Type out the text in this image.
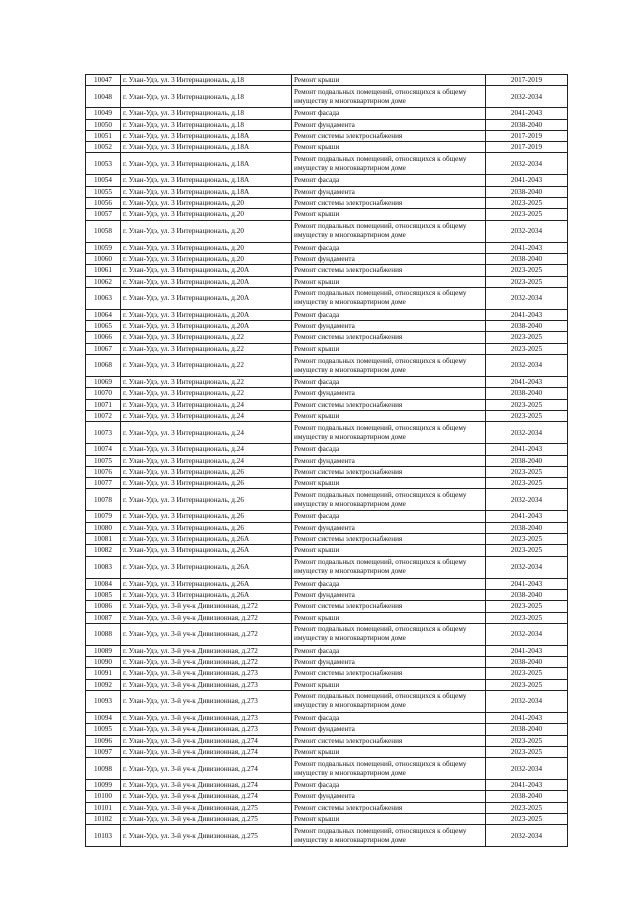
10047	г. Улан-Удэ, ул. 3 Интернациональ, д.18	Ремонт крыши	2017-2019
10048	г. Улан-Удэ, ул. 3 Интернациональ, д.18	Ремонт подвальных помещений, относящихся к общему имуществу в многоквартирном доме	2032-2034
10049	г. Улан-Удэ, ул. 3 Интернациональ, д.18	Ремонт фасада	2041-2043
10050	г. Улан-Удэ, ул. 3 Интернациональ, д.18	Ремонт фундамента	2038-2040
10051	г. Улан-Удэ, ул. 3 Интернациональ, д.18А	Ремонт системы электроснабжения	2017-2019
10052	г. Улан-Удэ, ул. 3 Интернациональ, д.18А	Ремонт крыши	2017-2019
10053	г. Улан-Удэ, ул. 3 Интернациональ, д.18А	Ремонт подвальных помещений, относящихся к общему имуществу в многоквартирном доме	2032-2034
10054	г. Улан-Удэ, ул. 3 Интернациональ, д.18А	Ремонт фасада	2041-2043
10055	г. Улан-Удэ, ул. 3 Интернациональ, д.18А	Ремонт фундамента	2038-2040
10056	г. Улан-Удэ, ул. 3 Интернациональ, д.20	Ремонт системы электроснабжения	2023-2025
10057	г. Улан-Удэ, ул. 3 Интернациональ, д.20	Ремонт крыши	2023-2025
10058	г. Улан-Удэ, ул. 3 Интернациональ, д.20	Ремонт подвальных помещений, относящихся к общему имуществу в многоквартирном доме	2032-2034
10059	г. Улан-Удэ, ул. 3 Интернациональ, д.20	Ремонт фасада	2041-2043
10060	г. Улан-Удэ, ул. 3 Интернациональ, д.20	Ремонт фундамента	2038-2040
10061	г. Улан-Удэ, ул. 3 Интернациональ, д.20А	Ремонт системы электроснабжения	2023-2025
10062	г. Улан-Удэ, ул. 3 Интернациональ, д.20А	Ремонт крыши	2023-2025
10063	г. Улан-Удэ, ул. 3 Интернациональ, д.20А	Ремонт подвальных помещений, относящихся к общему имуществу в многоквартирном доме	2032-2034
10064	г. Улан-Удэ, ул. 3 Интернациональ, д.20А	Ремонт фасада	2041-2043
10065	г. Улан-Удэ, ул. 3 Интернациональ, д.20А	Ремонт фундамента	2038-2040
10066	г. Улан-Удэ, ул. 3 Интернациональ, д.22	Ремонт системы электроснабжения	2023-2025
10067	г. Улан-Удэ, ул. 3 Интернациональ, д.22	Ремонт крыши	2023-2025
10068	г. Улан-Удэ, ул. 3 Интернациональ, д.22	Ремонт подвальных помещений, относящихся к общему имуществу в многоквартирном доме	2032-2034
10069	г. Улан-Удэ, ул. 3 Интернациональ, д.22	Ремонт фасада	2041-2043
10070	г. Улан-Удэ, ул. 3 Интернациональ, д.22	Ремонт фундамента	2038-2040
10071	г. Улан-Удэ, ул. 3 Интернациональ, д.24	Ремонт системы электроснабжения	2023-2025
10072	г. Улан-Удэ, ул. 3 Интернациональ, д.24	Ремонт крыши	2023-2025
10073	г. Улан-Удэ, ул. 3 Интернациональ, д.24	Ремонт подвальных помещений, относящихся к общему имуществу в многоквартирном доме	2032-2034
10074	г. Улан-Удэ, ул. 3 Интернациональ, д.24	Ремонт фасада	2041-2043
10075	г. Улан-Удэ, ул. 3 Интернациональ, д.24	Ремонт фундамента	2038-2040
10076	г. Улан-Удэ, ул. 3 Интернациональ, д.26	Ремонт системы электроснабжения	2023-2025
10077	г. Улан-Удэ, ул. 3 Интернациональ, д.26	Ремонт крыши	2023-2025
10078	г. Улан-Удэ, ул. 3 Интернациональ, д.26	Ремонт подвальных помещений, относящихся к общему имуществу в многоквартирном доме	2032-2034
10079	г. Улан-Удэ, ул. 3 Интернациональ, д.26	Ремонт фасада	2041-2043
10080	г. Улан-Удэ, ул. 3 Интернациональ, д.26	Ремонт фундамента	2038-2040
10081	г. Улан-Удэ, ул. 3 Интернациональ, д.26А	Ремонт системы электроснабжения	2023-2025
10082	г. Улан-Удэ, ул. 3 Интернациональ, д.26А	Ремонт крыши	2023-2025
10083	г. Улан-Удэ, ул. 3 Интернациональ, д.26А	Ремонт подвальных помещений, относящихся к общему имуществу в многоквартирном доме	2032-2034
10084	г. Улан-Удэ, ул. 3 Интернациональ, д.26А	Ремонт фасада	2041-2043
10085	г. Улан-Удэ, ул. 3 Интернациональ, д.26А	Ремонт фундамента	2038-2040
10086	г. Улан-Удэ, ул. 3-й уч-к Дивизионная, д.272	Ремонт системы электроснабжения	2023-2025
10087	г. Улан-Удэ, ул. 3-й уч-к Дивизионная, д.272	Ремонт крыши	2023-2025
10088	г. Улан-Удэ, ул. 3-й уч-к Дивизионная, д.272	Ремонт подвальных помещений, относящихся к общему имуществу в многоквартирном доме	2032-2034
10089	г. Улан-Удэ, ул. 3-й уч-к Дивизионная, д.272	Ремонт фасада	2041-2043
10090	г. Улан-Удэ, ул. 3-й уч-к Дивизионная, д.272	Ремонт фундамента	2038-2040
10091	г. Улан-Удэ, ул. 3-й уч-к Дивизионная, д.273	Ремонт системы электроснабжения	2023-2025
10092	г. Улан-Удэ, ул. 3-й уч-к Дивизионная, д.273	Ремонт крыши	2023-2025
10093	г. Улан-Удэ, ул. 3-й уч-к Дивизионная, д.273	Ремонт подвальных помещений, относящихся к общему имуществу в многоквартирном доме	2032-2034
10094	г. Улан-Удэ, ул. 3-й уч-к Дивизионная, д.273	Ремонт фасада	2041-2043
10095	г. Улан-Удэ, ул. 3-й уч-к Дивизионная, д.273	Ремонт фундамента	2038-2040
10096	г. Улан-Удэ, ул. 3-й уч-к Дивизионная, д.274	Ремонт системы электроснабжения	2023-2025
10097	г. Улан-Удэ, ул. 3-й уч-к Дивизионная, д.274	Ремонт крыши	2023-2025
10098	г. Улан-Удэ, ул. 3-й уч-к Дивизионная, д.274	Ремонт подвальных помещений, относящихся к общему имуществу в многоквартирном доме	2032-2034
10099	г. Улан-Удэ, ул. 3-й уч-к Дивизионная, д.274	Ремонт фасада	2041-2043
10100	г. Улан-Удэ, ул. 3-й уч-к Дивизионная, д.274	Ремонт фундамента	2038-2040
10101	г. Улан-Удэ, ул. 3-й уч-к Дивизионная, д.275	Ремонт системы электроснабжения	2023-2025
10102	г. Улан-Удэ, ул. 3-й уч-к Дивизионная, д.275	Ремонт крыши	2023-2025
10103	г. Улан-Удэ, ул. 3-й уч-к Дивизионная, д.275	Ремонт подвальных помещений, относящихся к общему имуществу в многоквартирном доме	2032-2034
